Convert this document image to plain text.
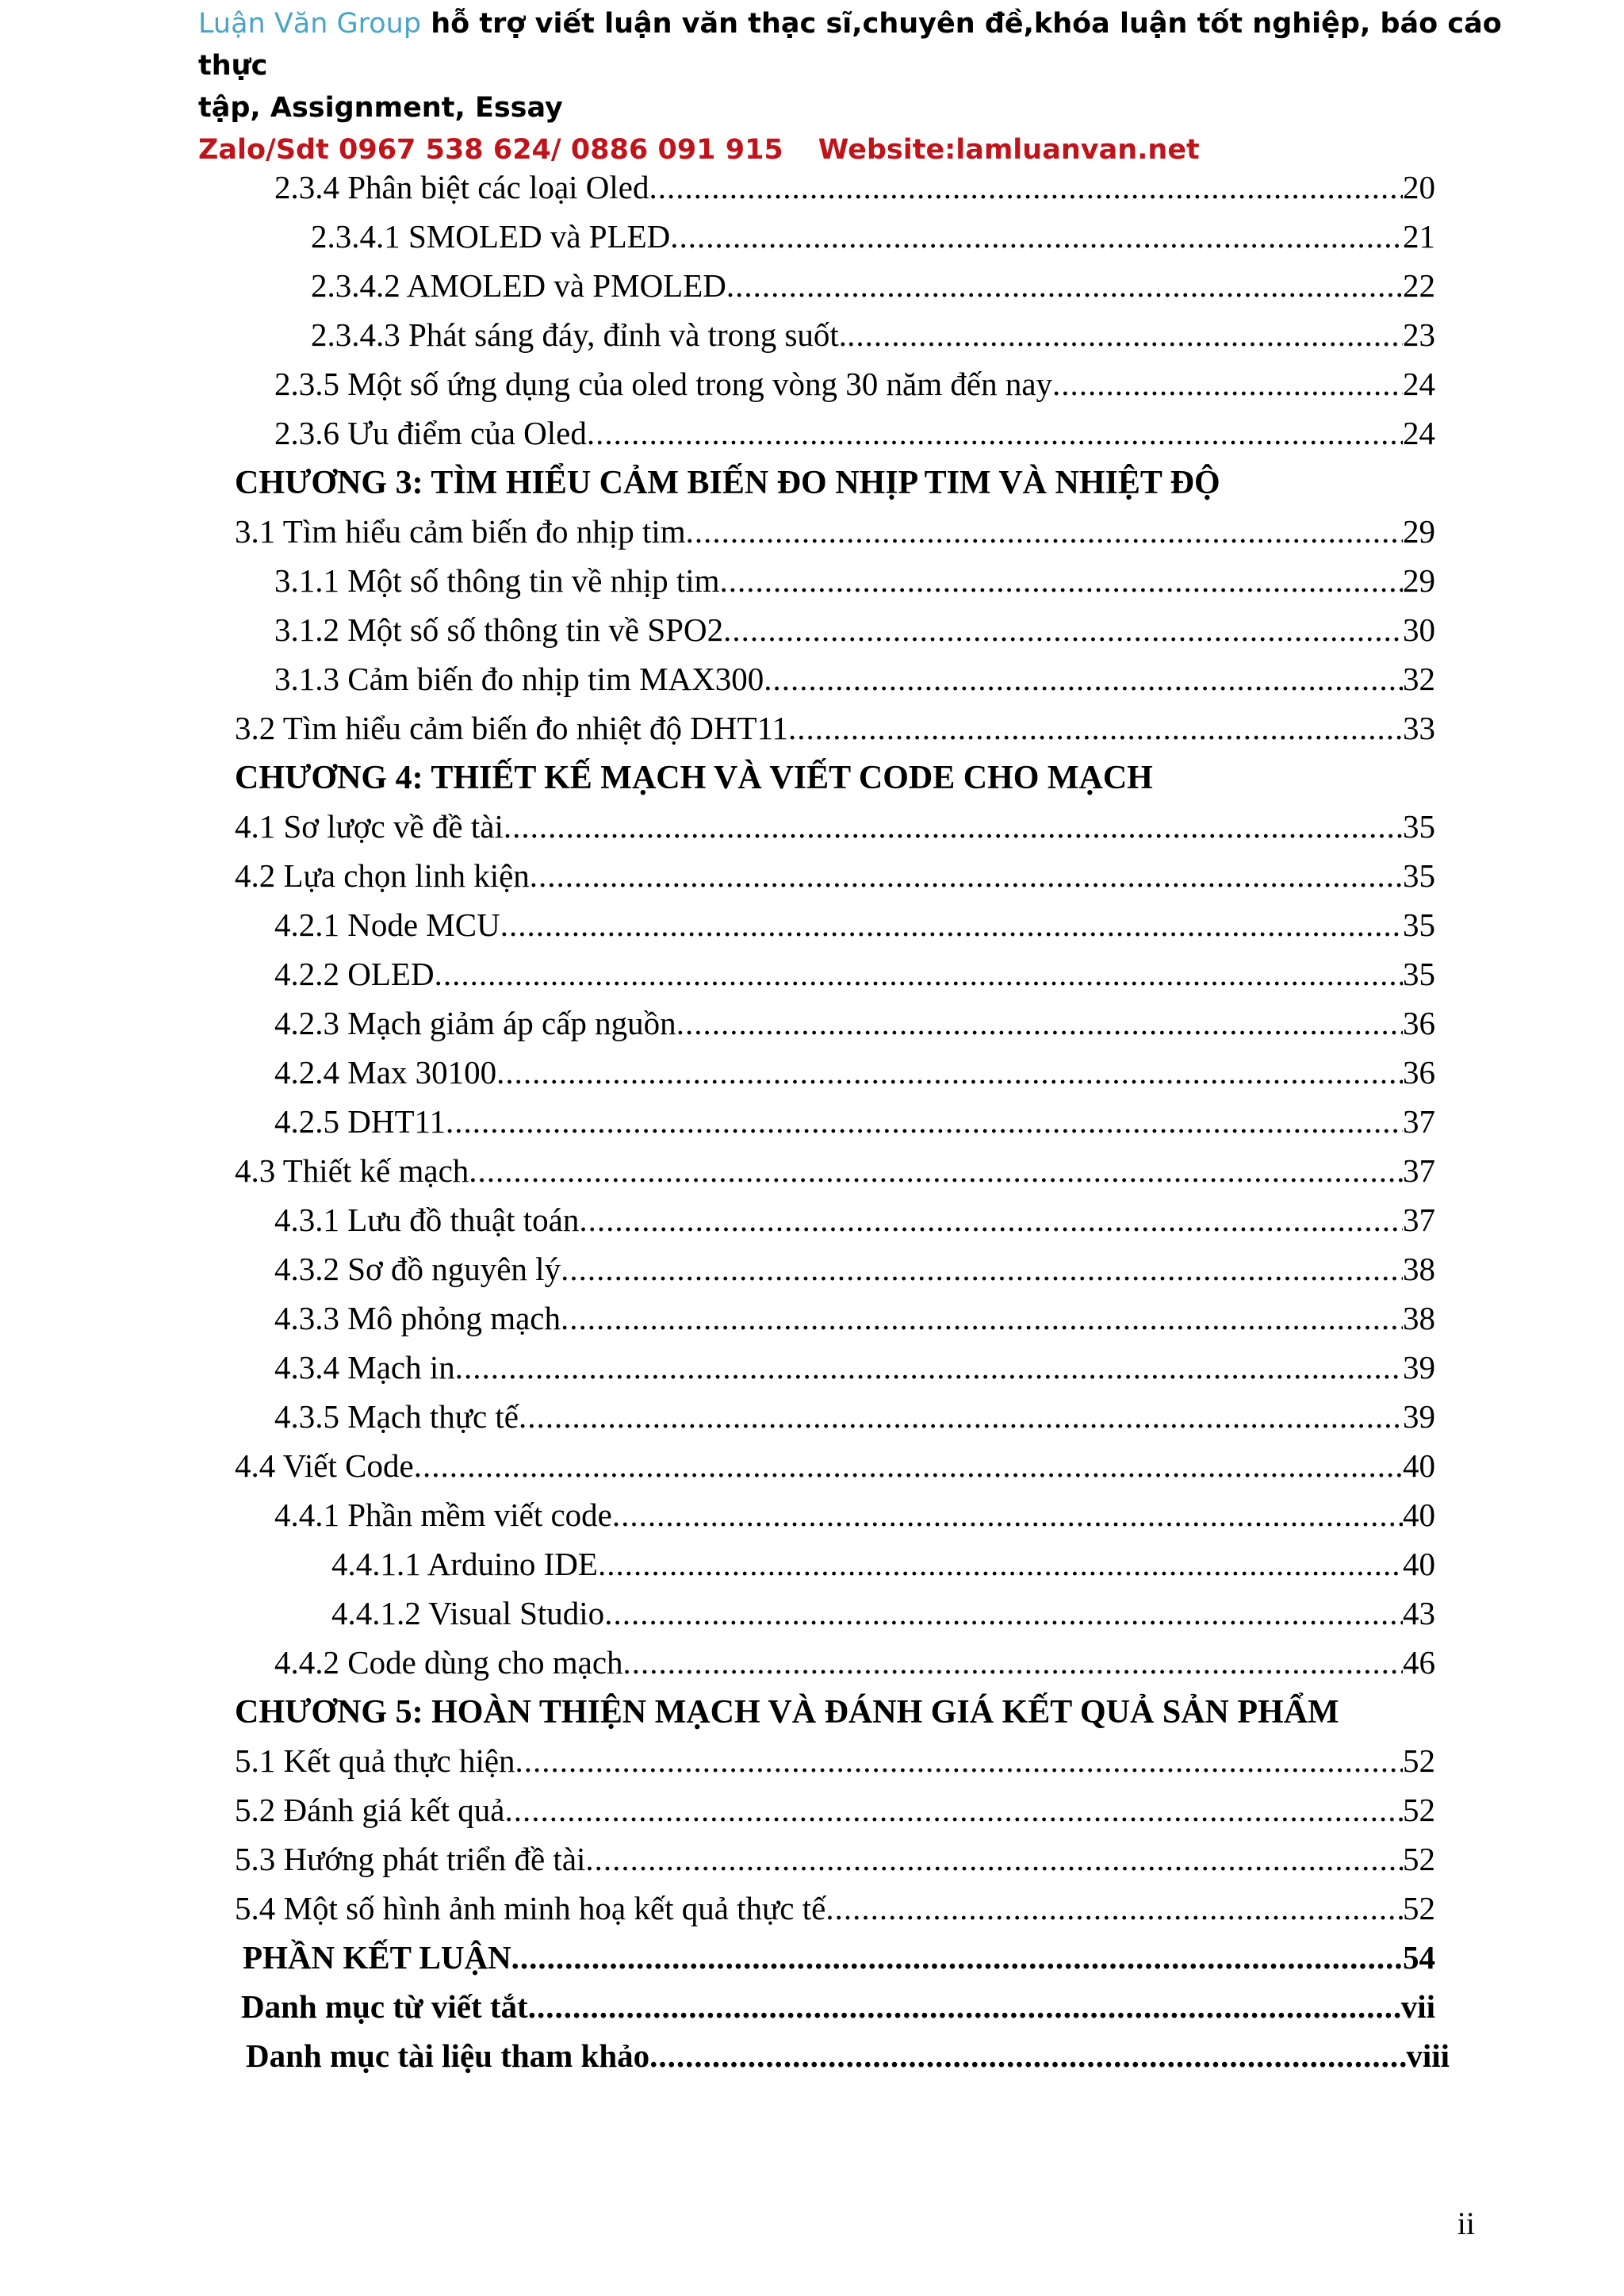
Luận Văn Group hỗ trợ viết luận văn thạc sĩ,chuyên đề,khóa luận tốt nghiệp, báo cáo thực
tập, Assignment, Essay
Zalo/Sdt 0967 538 624/ 0886 091 915 Website:lamluanvan.net
2.3.4 Phân biệt các loại Oled .....	20
2.3.4.1 SMOLED và PLED .....	21
2.3.4.2 AMOLED và PMOLED .....	22
2.3.4.3 Phát sáng đáy, đỉnh và trong suốt. .....	23
2.3.5 Một số ứng dụng của oled trong vòng 30 năm đến nay .....	24
2.3.6 Ưu điểm của Oled .....	24
CHƯƠNG 3: TÌM HIỂU CẢM BIẾN ĐO NHỊP TIM VÀ NHIỆT ĐỘ
3.1 Tìm hiểu cảm biến đo nhịp tim .....	29
3.1.1 Một số thông tin về nhịp tim .....	29
3.1.2 Một số số thông tin về SPO2 .....	30
3.1.3 Cảm biến đo nhịp tim MAX300 .....	32
3.2 Tìm hiểu cảm biến đo nhiệt độ DHT11 .....	33
CHƯƠNG 4: THIẾT KẾ MẠCH VÀ VIẾT CODE CHO MẠCH
4.1 Sơ lược về đề tài .....	35
4.2 Lựa chọn linh kiện .....	35
4.2.1 Node MCU .....	35
4.2.2 OLED .....	35
4.2.3 Mạch giảm áp cấp nguồn .....	36
4.2.4 Max 30100 .....	36
4.2.5 DHT11 .....	37
4.3 Thiết kế mạch .....	37
4.3.1 Lưu đồ thuật toán .....	37
4.3.2 Sơ đồ nguyên lý .....	38
4.3.3 Mô phỏng mạch .....	38
4.3.4 Mạch in .....	39
4.3.5 Mạch thực tế .....	39
4.4 Viết Code .....	40
4.4.1 Phần mềm viết code .....	40
4.4.1.1 Arduino IDE .....	40
4.4.1.2 Visual Studio .....	43
4.4.2 Code dùng cho mạch .....	46
CHƯƠNG 5: HOÀN THIỆN MẠCH VÀ ĐÁNH GIÁ KẾT QUẢ SẢN PHẨM
5.1 Kết quả thực hiện .....	52
5.2 Đánh giá kết quả .....	52
5.3 Hướng phát triển đề tài .....	52
5.4 Một số hình ảnh minh hoạ kết quả thực tế .....	52
PHẦN KẾT LUẬN .....	54
Danh mục từ viết tắt .....	vii
Danh mục tài liệu tham khảo .....	viii
ii
